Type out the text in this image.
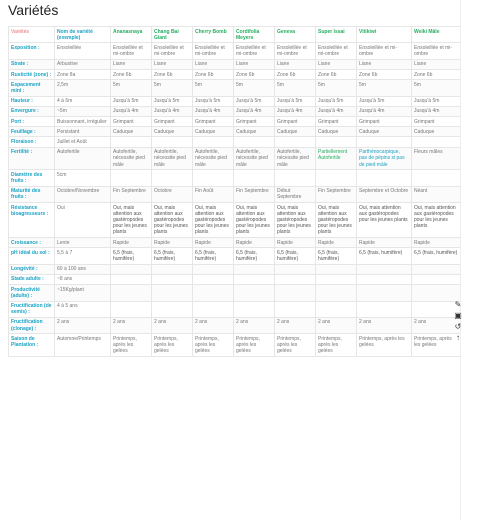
Variétés
Variétés	Nom de variété (exemple)	Ananasnaya	Chang Bai Giant	Cherry Bomb	Cordifolia Meyers	Geneva	Super Issai	Vitikiwi	Weiki Mâle
Exposition :	Ensoleillée	Ensoleillée et mi-ombre	Ensoleillée et mi-ombre	Ensoleillée et mi-ombre	Ensoleillée et mi-ombre	Ensoleillée et mi-ombre	Ensoleillée et mi-ombre	Ensoleillée et mi-ombre	Ensoleillée et mi-ombre
Strate :	Arbustive	Liane	Liane	Liane	Liane	Liane	Liane	Liane	Liane
Rusticité (zone) :	Zone 8a	Zone 6b	Zone 6b	Zone 6b	Zone 6b	Zone 6b	Zone 6b	Zone 6b	Zone 6b
Espacement mini :	2,5m	5m	5m	5m	5m	5m	5m	5m	5m
Hauteur :	4 à 6m	Jusqu'à 5m	Jusqu'à 5m	Jusqu'à 5m	Jusqu'à 5m	Jusqu'à 5m	Jusqu'à 5m	Jusqu'à 5m	Jusqu'à 5m
Envergure :	~5m	Jusqu'à 4m	Jusqu'à 4m	Jusqu'à 4m	Jusqu'à 4m	Jusqu'à 4m	Jusqu'à 4m	Jusqu'à 4m	Jusqu'à 4m
Port :	Buissonnant, irrégulier	Grimpant	Grimpant	Grimpant	Grimpant	Grimpant	Grimpant	Grimpant	Grimpant
Feuillage :	Persistant	Caduque	Caduque	Caduque	Caduque	Caduque	Caduque	Caduque	Caduque
Floraison :	Juillet et Août								
Fertilité :	Autofertile	Autofertile, nécessite pied mâle	Autofertile, nécessite pied mâle	Autofertile, nécessite pied mâle	Autofertile, nécessite pied mâle	Autofertile, nécessite pied mâle	Partiellement Autofertile	Parthénocarpique, pas de pépins si pas de pied mâle	Fleurs mâles
Diamètre des fruits :	5cm								
Maturité des fruits :	Octobre/Novembre	Fin Septembre	Octobre	Fin Août	Fin Septembre	Début Septembre	Fin Septembre	Septembre et Octobre	Néant
Résistance bioagresseurs :	Oui	Oui, mais attention aux gastéropodes pour les jeunes plants	Oui, mais attention aux gastéropodes pour les jeunes plants	Oui, mais attention aux gastéropodes pour les jeunes plants	Oui, mais attention aux gastéropodes pour les jeunes plants	Oui, mais attention aux gastéropodes pour les jeunes plants	Oui, mais attention aux gastéropodes pour les jeunes plants	Oui, mais attention aux gastéropodes pour les jeunes plants	Oui, mais attention aux gastéropodes pour les jeunes plants
Croissance :	Lente	Rapide	Rapide	Rapide	Rapide	Rapide	Rapide	Rapide	Rapide
pH idéal du sol :	5,5 à 7	6,5 (frais, humifère)	6,5 (frais, humifère)	6,5 (frais, humifère)	6,5 (frais, humifère)	6,5 (frais, humifère)	6,5 (frais, humifère)	6,5 (frais, humifère)	6,5 (frais, humifère)
Longévité :	60 à 100 ans								
Stade adulte :	~8 ans								
Productivité (adulte) :	~15Kg/plant								
Fructification (de semis) :	4 à 5 ans								
Fructification (clonage) :	2 ans	2 ans	2 ans	2 ans	2 ans	2 ans	2 ans	2 ans	2 ans
Saison de Plantation :	Automne/Printemps	Printemps, après les gelées	Printemps, après les gelées	Printemps, après les gelées	Printemps, après les gelées	Printemps, après les gelées	Printemps, après les gelées	Printemps, après les gelées	Printemps, après les gelées
✎
▣
↺
↑
